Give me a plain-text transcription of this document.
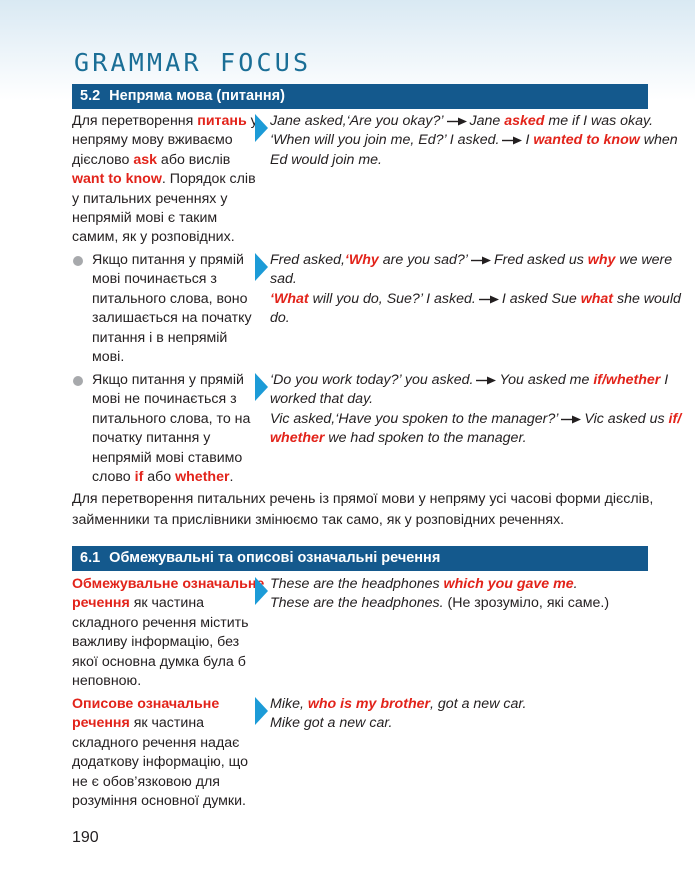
GRAMMAR FOCUS
5.2 Непряма мова (питання)
Для перетворення питань у
непряму мову вживаємо
дієслово ask або вислів
want to know. Порядок слів
у питальних реченнях у
непрямій мові є таким
самим, як у розповідних.
Jane asked,‘Are you okay?’ Jane asked me if I was okay.
‘When will you join me, Ed?’ I asked. I wanted to know when
Ed would join me.
Якщо питання у прямій
мові починається з
питального слова, воно
залишається на початку
питання і в непрямій
мові.
Fred asked,‘Why are you sad?’ Fred asked us why we were
sad.
‘What will you do, Sue?’ I asked. I asked Sue what she would
do.
Якщо питання у прямій
мові не починається з
питального слова, то на
початку питання у
непрямій мові ставимо
слово if або whether.
‘Do you work today?’ you asked. You asked me if/whether I
worked that day.
Vic asked,‘Have you spoken to the manager?’ Vic asked us if/
whether we had spoken to the manager.
Для перетворення питальних речень із прямої мови у непряму усі часові форми дієслів,
займенники та прислівники змінюємо так само, як у розповідних реченнях.
6.1 Обмежувальні та описові означальні речення
Обмежувальне означальне
речення як частина
складного речення містить
важливу інформацію, без
якої основна думка була б
неповною.
These are the headphones which you gave me.
These are the headphones. (Не зрозуміло, які саме.)
Описове означальне
речення як частина
складного речення надає
додаткову інформацію, що
не є обов’язковою для
розуміння основної думки.
Mike, who is my brother, got a new car.
Mike got a new car.
190
